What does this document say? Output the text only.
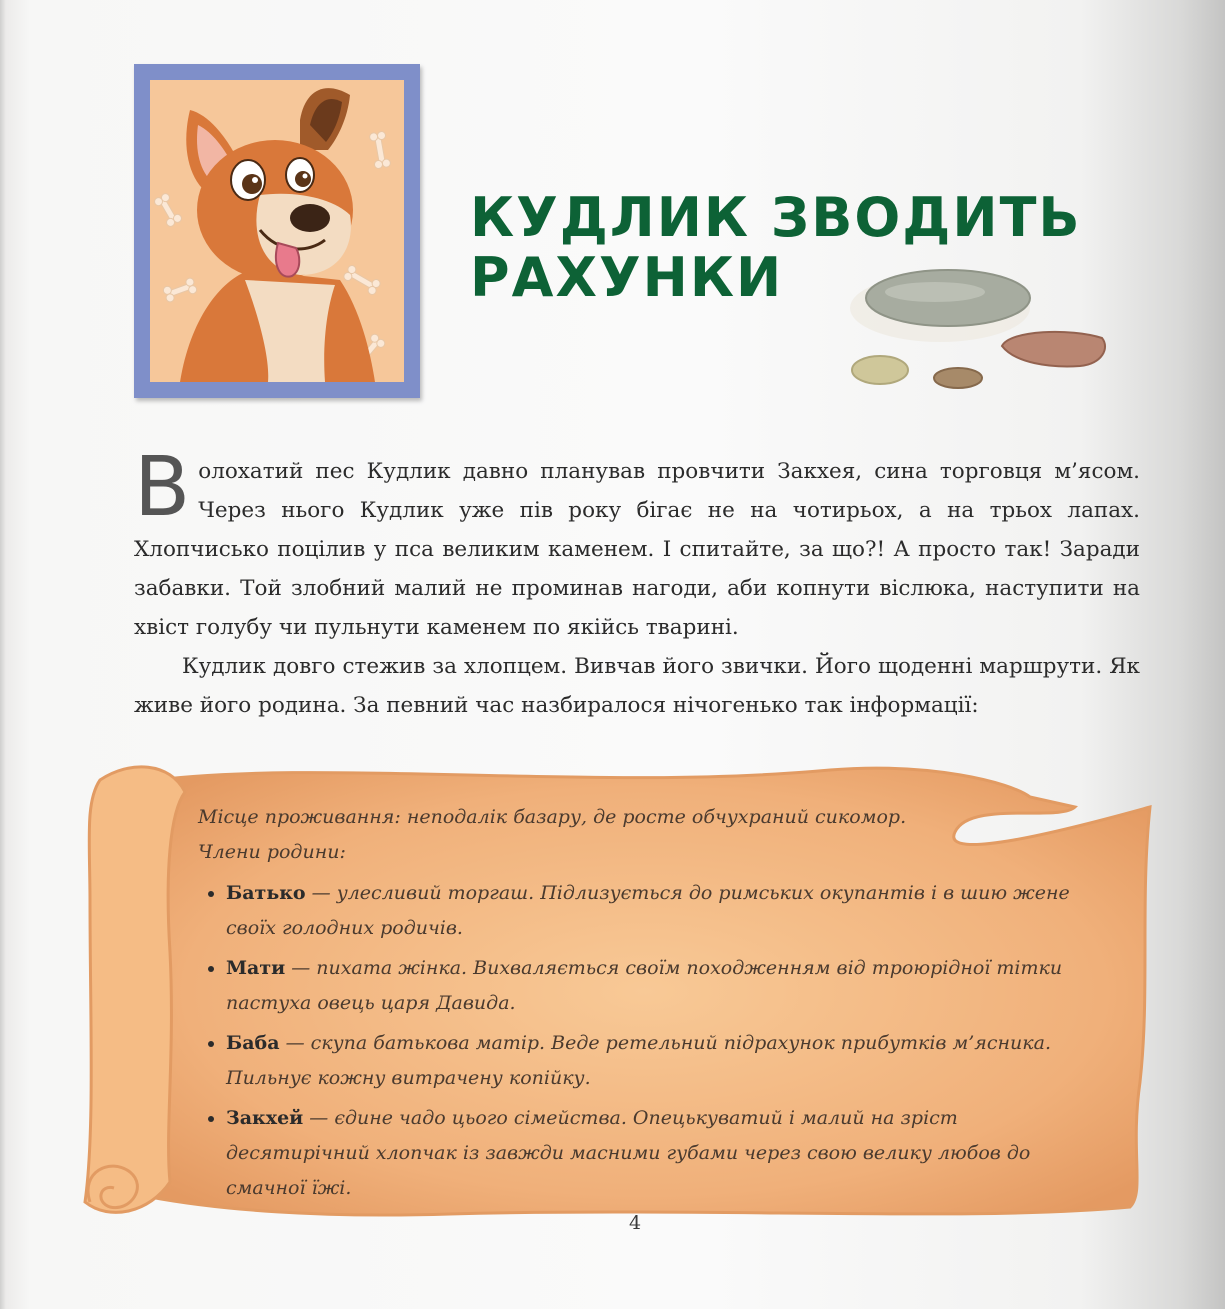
КУДЛИК ЗВОДИТЬ
РАХУНКИ

Волохатий пес Кудлик давно планував провчити Закхея, сина торговця м’ясом. Через нього Кудлик уже пів року бігає не на чотирьох, а на трьох лапах. Хлопчисько поцілив у пса великим каменем. І спитайте, за що?! А просто так! Заради забавки. Той злобний малий не проминав нагоди, аби копнути віслюка, наступити на хвіст голубу чи пульнути каменем по якійсь тварині.

Кудлик довго стежив за хлопцем. Вивчав його звички. Його щоденні маршрути. Як живе його родина. За певний час назбиралося нічогенько так інформації:

Місце проживання: неподалік базару, де росте обчухраний сикомор.

Члени родини:

• Батько — улесливий торгаш. Підлизується до римських окупантів і в шию жене своїх голодних родичів.
• Мати — пихата жінка. Вихваляється своїм походженням від троюрідної тітки пастуха овець царя Давида.
• Баба — скупа батькова матір. Веде ретельний підрахунок прибутків м’ясника. Пильнує кожну витрачену копійку.
• Закхей — єдине чадо цього сімейства. Опецькуватий і малий на зріст десятирічний хлопчак із завжди масними губами через свою велику любов до смачної їжі.
4
